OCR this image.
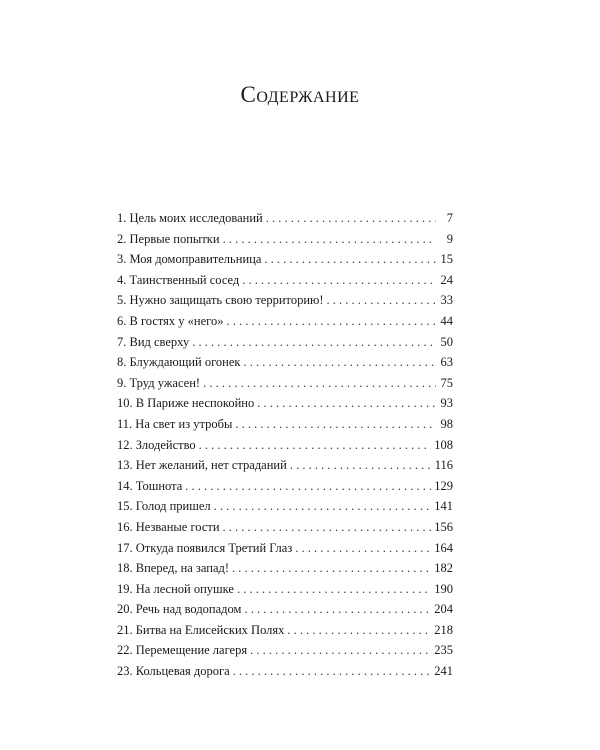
Содержание
1. Цель моих исследований . . .	7
2. Первые попытки . . .	9
3. Моя домоправительница . . .	15
4. Таинственный сосед . . .	24
5. Нужно защищать свою территорию! . . .	33
6. В гостях у «него» . . .	44
7. Вид сверху . . .	50
8. Блуждающий огонек . . .	63
9. Труд ужасен! . . .	75
10. В Париже неспокойно . . .	93
11. На свет из утробы . . .	98
12. Злодейство . . .	108
13. Нет желаний, нет страданий . . .	116
14. Тошнота . . .	129
15. Голод пришел . . .	141
16. Незваные гости . . .	156
17. Откуда появился Третий Глаз . . .	164
18. Вперед, на запад! . . .	182
19. На лесной опушке . . .	190
20. Речь над водопадом . . .	204
21. Битва на Елисейских Полях . . .	218
22. Перемещение лагеря . . .	235
23. Кольцевая дорога . . .	241
